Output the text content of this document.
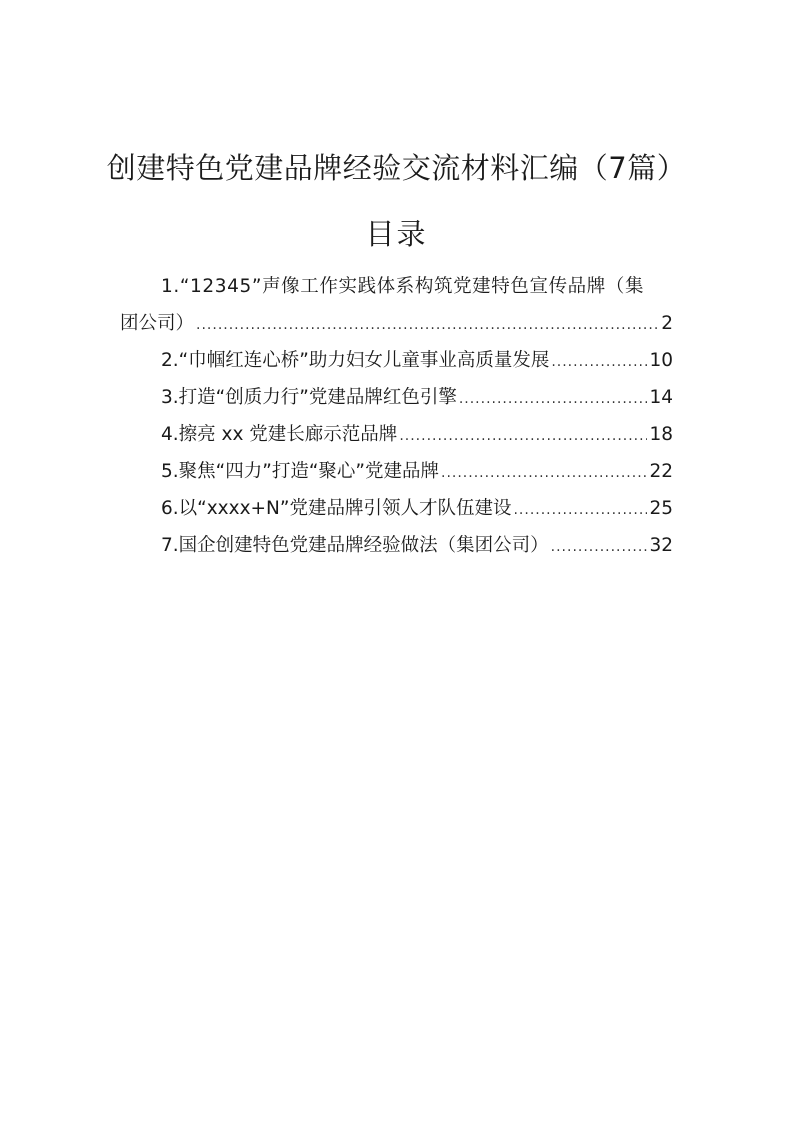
创建特色党建品牌经验交流材料汇编（7篇）
目录
1.“12345”声像工作实践体系构筑党建特色宣传品牌（集
团公司） .....	2
2.“巾帼红连心桥”助力妇女儿童事业高质量发展 .....	10
3.打造“创质力行”党建品牌红色引擎 .....	14
4.擦亮 xx 党建长廊示范品牌 .....	18
5.聚焦“四力”打造“聚心”党建品牌 .....	22
6.以“xxxx+N”党建品牌引领人才队伍建设 .....	25
7.国企创建特色党建品牌经验做法（集团公司） .....	32
